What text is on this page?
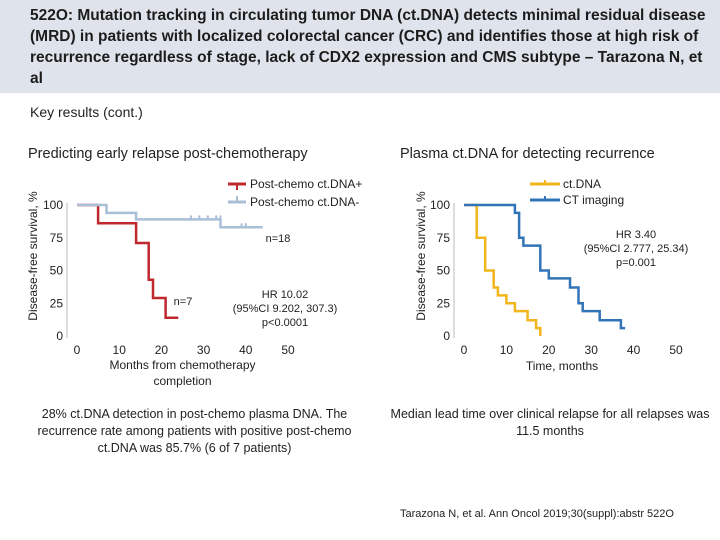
522O: Mutation tracking in circulating tumor DNA (ct.DNA) detects minimal residual disease (MRD) in patients with localized colorectal cancer (CRC) and identifies those at high risk of recurrence regardless of stage, lack of CDX2 expression and CMS subtype – Tarazona N, et al

Key results (cont.)
Predicting early relapse post-chemotherapy	Plasma ct.DNA for detecting recurrence
0
25
50
75
100
0	10 20 30 40 50
Disease-free survival, %
Months from chemotherapy
completion
n=7
Post-chemo ct.DNA+
n=18
Post-chemo ct.DNA-
HR 10.02
(95%CI 9.202, 307.3)
p<0.0001
0
25
50
75
100
0	10 20 30 40 50
Disease-free survival, %
Time, months
ct.DNA
CT imaging
HR 3.40
(95%CI 2.777, 25.34)
p=0.001
28% ct.DNA detection in post-chemo plasma DNA. The recurrence rate among patients with positive post-chemo ct.DNA was 85.7% (6 of 7 patients)
Median lead time over clinical relapse for all relapses was 11.5 months
Tarazona N, et al. Ann Oncol 2019;30(suppl):abstr 522O
